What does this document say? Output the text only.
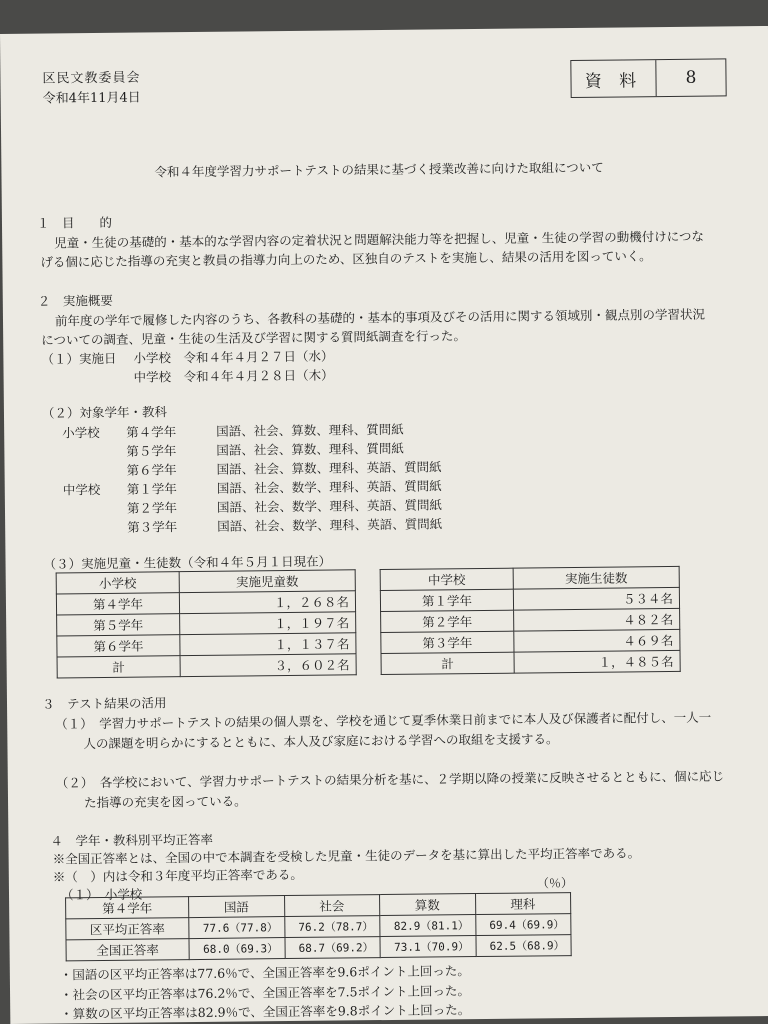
区民文教委員会
令和4年11月4日
資 料	8
令和４年度学習力サポートテストの結果に基づく授業改善に向けた取組について
１　目　　的
児童・生徒の基礎的・基本的な学習内容の定着状況と問題解決能力等を把握し、児童・生徒の学習の動機付けにつな
げる個に応じた指導の充実と教員の指導力向上のため、区独自のテストを実施し、結果の活用を図っていく。
２　実施概要
前年度の学年で履修した内容のうち、各教科の基礎的・基本的事項及びその活用に関する領域別・観点別の学習状況
についての調査、児童・生徒の生活及び学習に関する質問紙調査を行った。
（１）実施日 小学校　令和４年４月２７日（水）
中学校　令和４年４月２８日（木）
（２）対象学年・教科
小学校 第４学年	国語、社会、算数、理科、質問紙
第５学年	国語、社会、算数、理科、質問紙
第６学年	国語、社会、算数、理科、英語、質問紙
中学校 第１学年	国語、社会、数学、理科、英語、質問紙
第２学年	国語、社会、数学、理科、英語、質問紙
第３学年	国語、社会、数学、理科、英語、質問紙
（３）実施児童・生徒数（令和４年５月１日現在）
小学校	実施児童数
第４学年	１，２６８名
第５学年	１，１９７名
第６学年	１，１３７名
計	３，６０２名
中学校	実施生徒数
第１学年	５３４名
第２学年	４８２名
第３学年	４６９名
計	１，４８５名
３　テスト結果の活用
（１） 学習力サポートテストの結果の個人票を、学校を通じて夏季休業日前までに本人及び保護者に配付し、一人一
人の課題を明らかにするとともに、本人及び家庭における学習への取組を支援する。
（２） 各学校において、学習力サポートテストの結果分析を基に、２学期以降の授業に反映させるとともに、個に応じ
た指導の充実を図っている。
４　学年・教科別平均正答率
※全国正答率とは、全国の中で本調査を受検した児童・生徒のデータを基に算出した平均正答率である。
※（　）内は令和３年度平均正答率である。
（１）　小学校
（％）
第４学年	国語	社会	算数	理科
区平均正答率	77.6（77.8）	76.2（78.7）	82.9（81.1）	69.4（69.9）
全国正答率	68.0（69.3）	68.7（69.2）	73.1（70.9）	62.5（68.9）
・国語の区平均正答率は77.6％で、全国正答率を9.6ポイント上回った。
・社会の区平均正答率は76.2％で、全国正答率を7.5ポイント上回った。
・算数の区平均正答率は82.9％で、全国正答率を9.8ポイント上回った。
